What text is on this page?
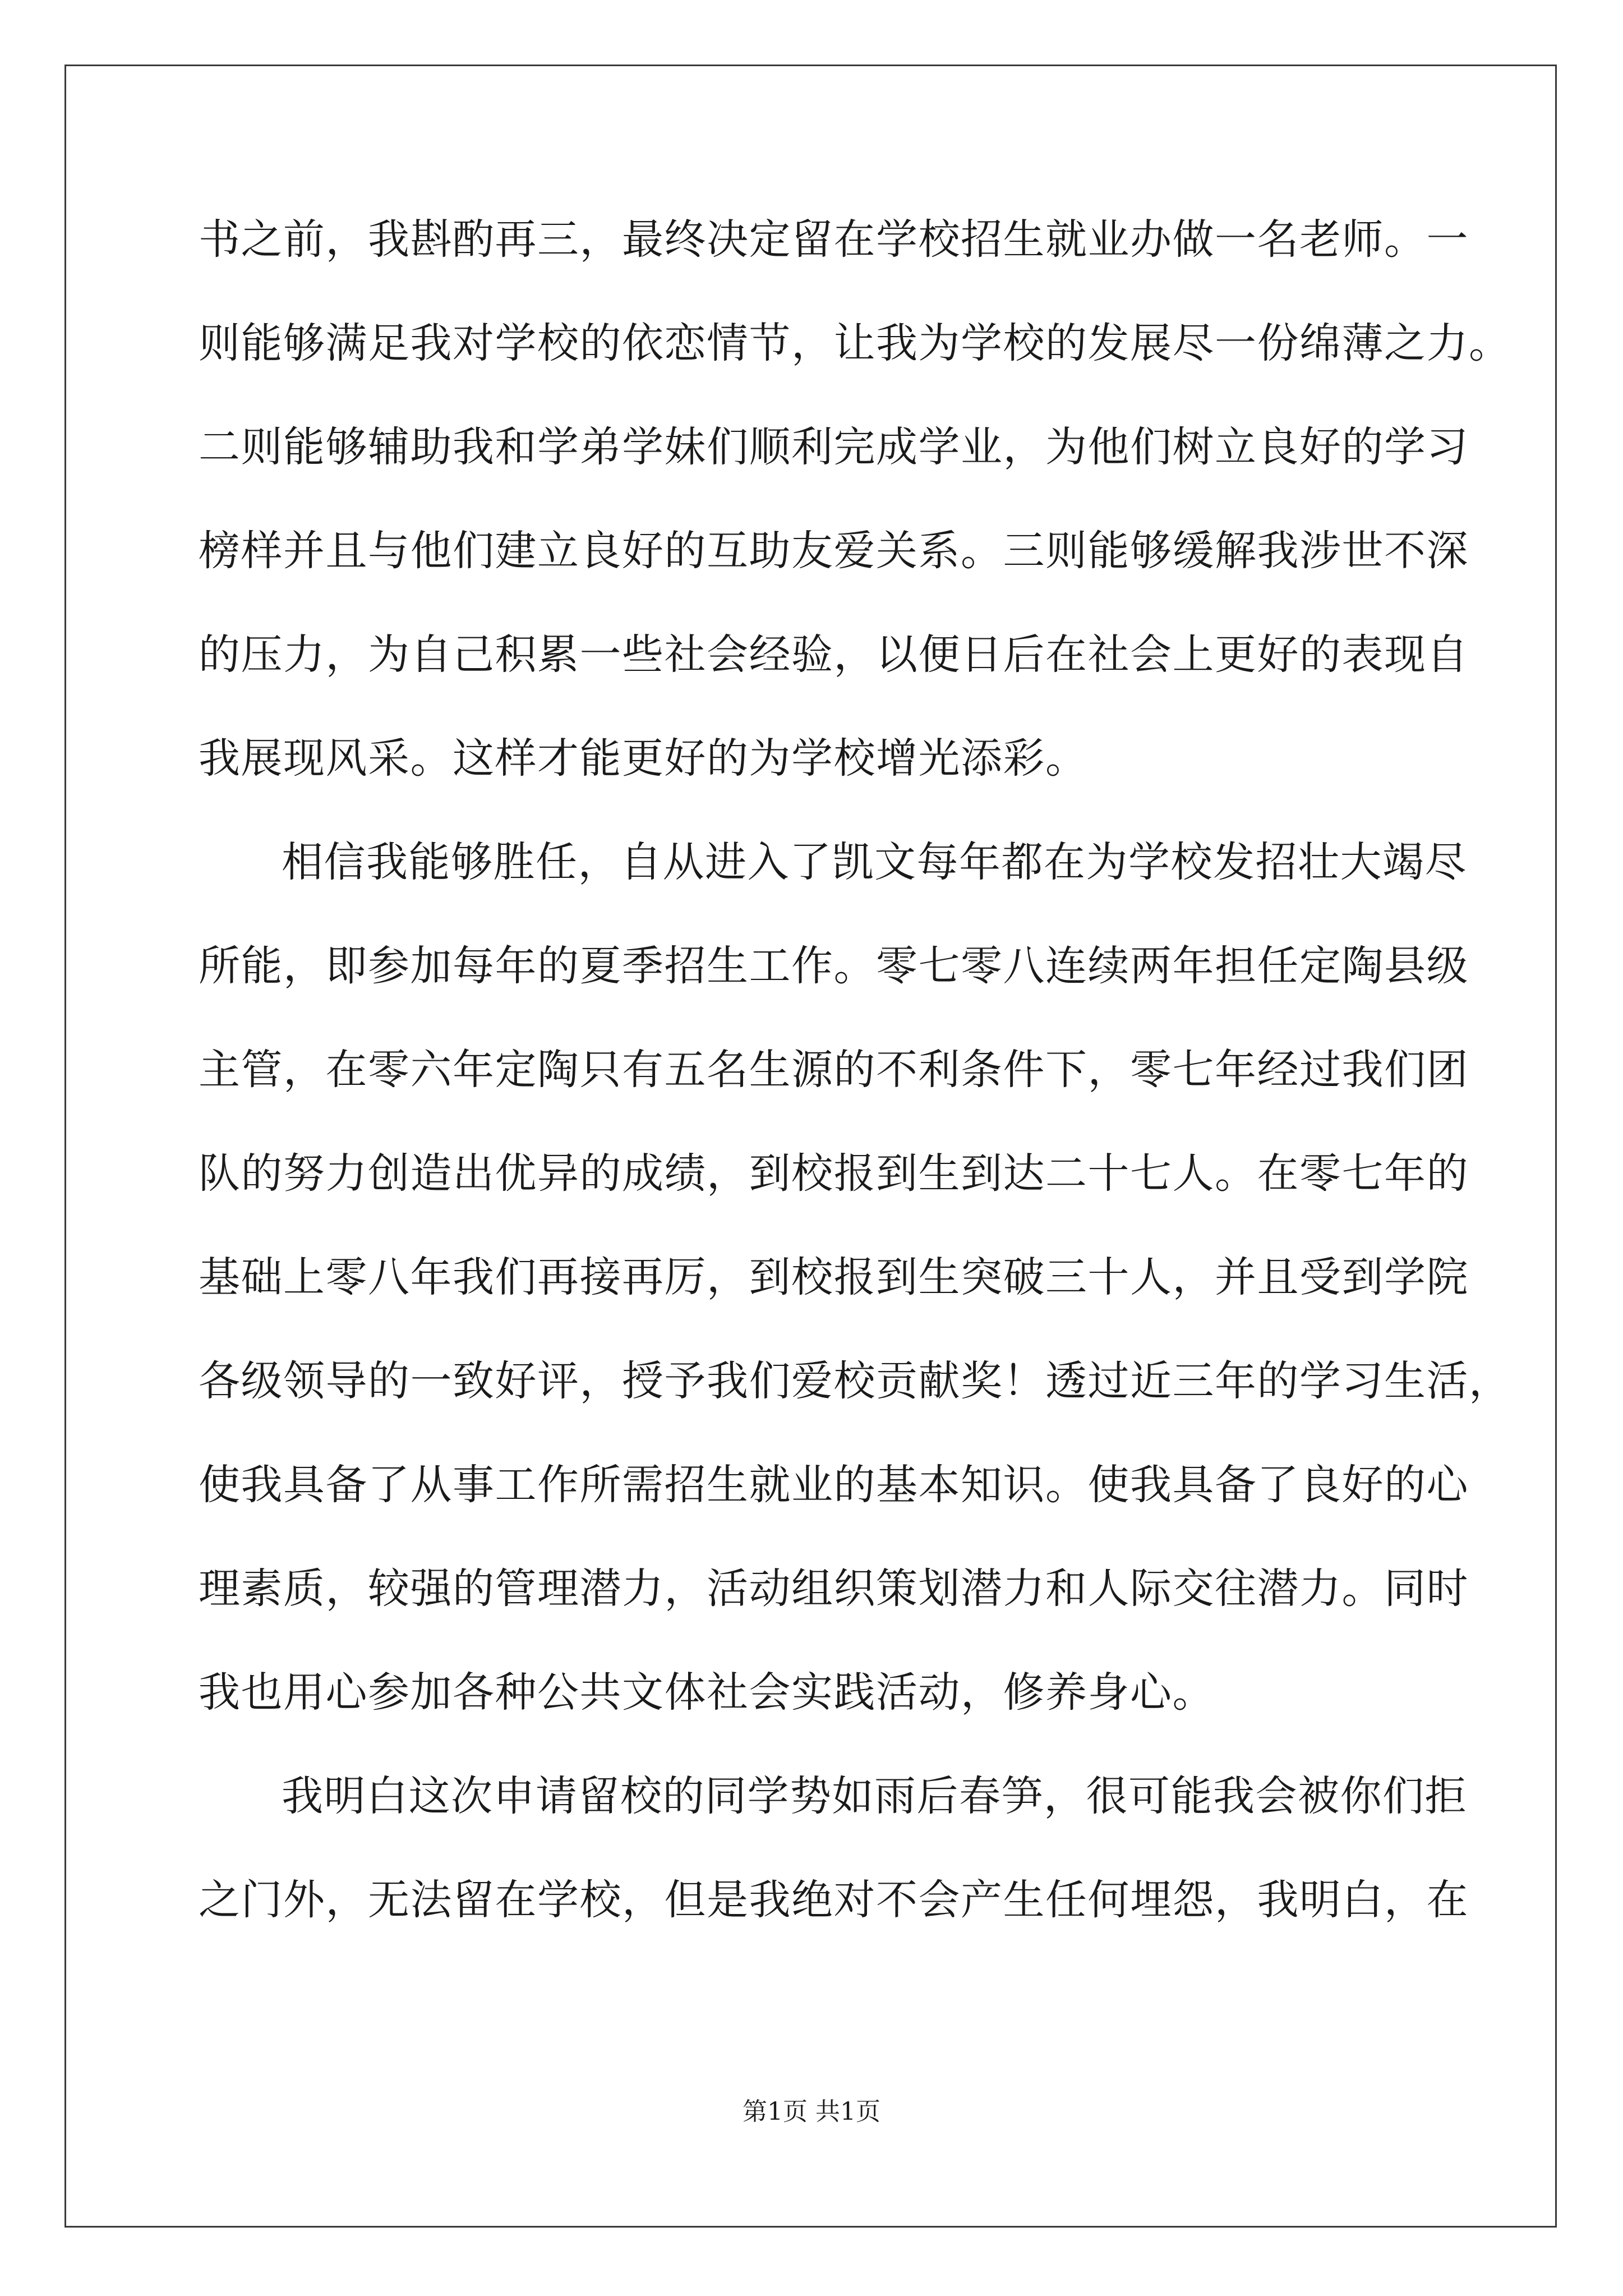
书之前，我斟酌再三，最终决定留在学校招生就业办做一名老师。一
则能够满足我对学校的依恋情节，让我为学校的发展尽一份绵薄之力。
二则能够辅助我和学弟学妹们顺利完成学业，为他们树立良好的学习
榜样并且与他们建立良好的互助友爱关系。三则能够缓解我涉世不深
的压力，为自己积累一些社会经验，以便日后在社会上更好的表现自
我展现风采。这样才能更好的为学校增光添彩。
相信我能够胜任，自从进入了凯文每年都在为学校发招壮大竭尽
所能，即参加每年的夏季招生工作。零七零八连续两年担任定陶县级
主管，在零六年定陶只有五名生源的不利条件下，零七年经过我们团
队的努力创造出优异的成绩，到校报到生到达二十七人。在零七年的
基础上零八年我们再接再厉，到校报到生突破三十人，并且受到学院
各级领导的一致好评，授予我们爱校贡献奖！透过近三年的学习生活，
使我具备了从事工作所需招生就业的基本知识。使我具备了良好的心
理素质，较强的管理潜力，活动组织策划潜力和人际交往潜力。同时
我也用心参加各种公共文体社会实践活动，修养身心。
我明白这次申请留校的同学势如雨后春笋，很可能我会被你们拒
之门外，无法留在学校，但是我绝对不会产生任何埋怨，我明白，在
第1页 共1页
